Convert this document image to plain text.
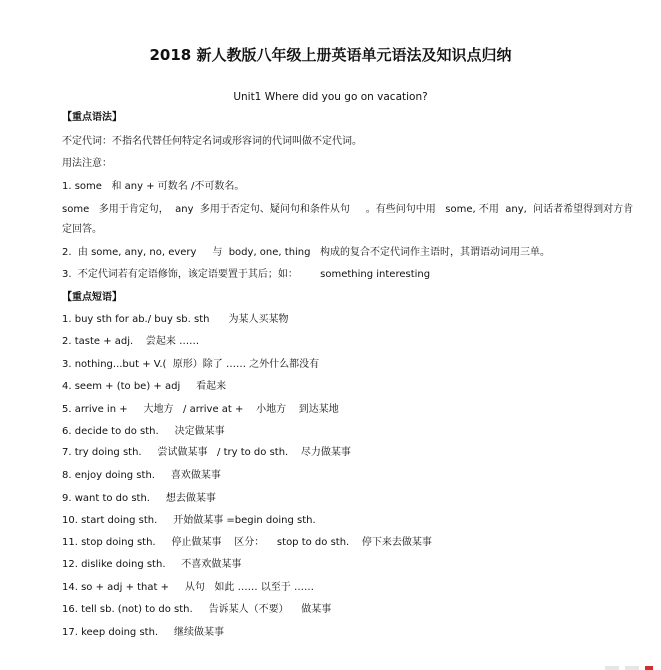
2018 新人教版八年级上册英语单元语法及知识点归纳
Unit1 Where did you go on vacation?
【重点语法】
不定代词：不指名代替任何特定名词或形容词的代词叫做不定代词。
用法注意：
1. some   和 any + 可数名 /不可数名。
some   多用于肯定句，  any  多用于否定句、疑问句和条件从句     。有些问句中用   some, 不用  any,  问话者希望得到对方肯
定回答。
2.  由 some, any, no, every     与  body, one, thing   构成的复合不定代词作主语时，其谓语动词用三单。
3.  不定代词若有定语修饰，该定语要置于其后；如：       something interesting
【重点短语】
1. buy sth for ab./ buy sb. sth      为某人买某物
2. taste + adj.    尝起来 ……
3. nothing...but + V.(  原形）除了 …… 之外什么都没有
4. seem + (to be) + adj     看起来
5. arrive in +     大地方   / arrive at +    小地方    到达某地
6. decide to do sth.     决定做某事
7. try doing sth.     尝试做某事   / try to do sth.    尽力做某事
8. enjoy doing sth.     喜欢做某事
9. want to do sth.     想去做某事
10. start doing sth.     开始做某事 =begin doing sth.
11. stop doing sth.     停止做某事    区分：    stop to do sth.    停下来去做某事
12. dislike doing sth.     不喜欢做某事
14. so + adj + that +     从句   如此 …… 以至于 ……
16. tell sb. (not) to do sth.     告诉某人（不要）    做某事
17. keep doing sth.     继续做某事
